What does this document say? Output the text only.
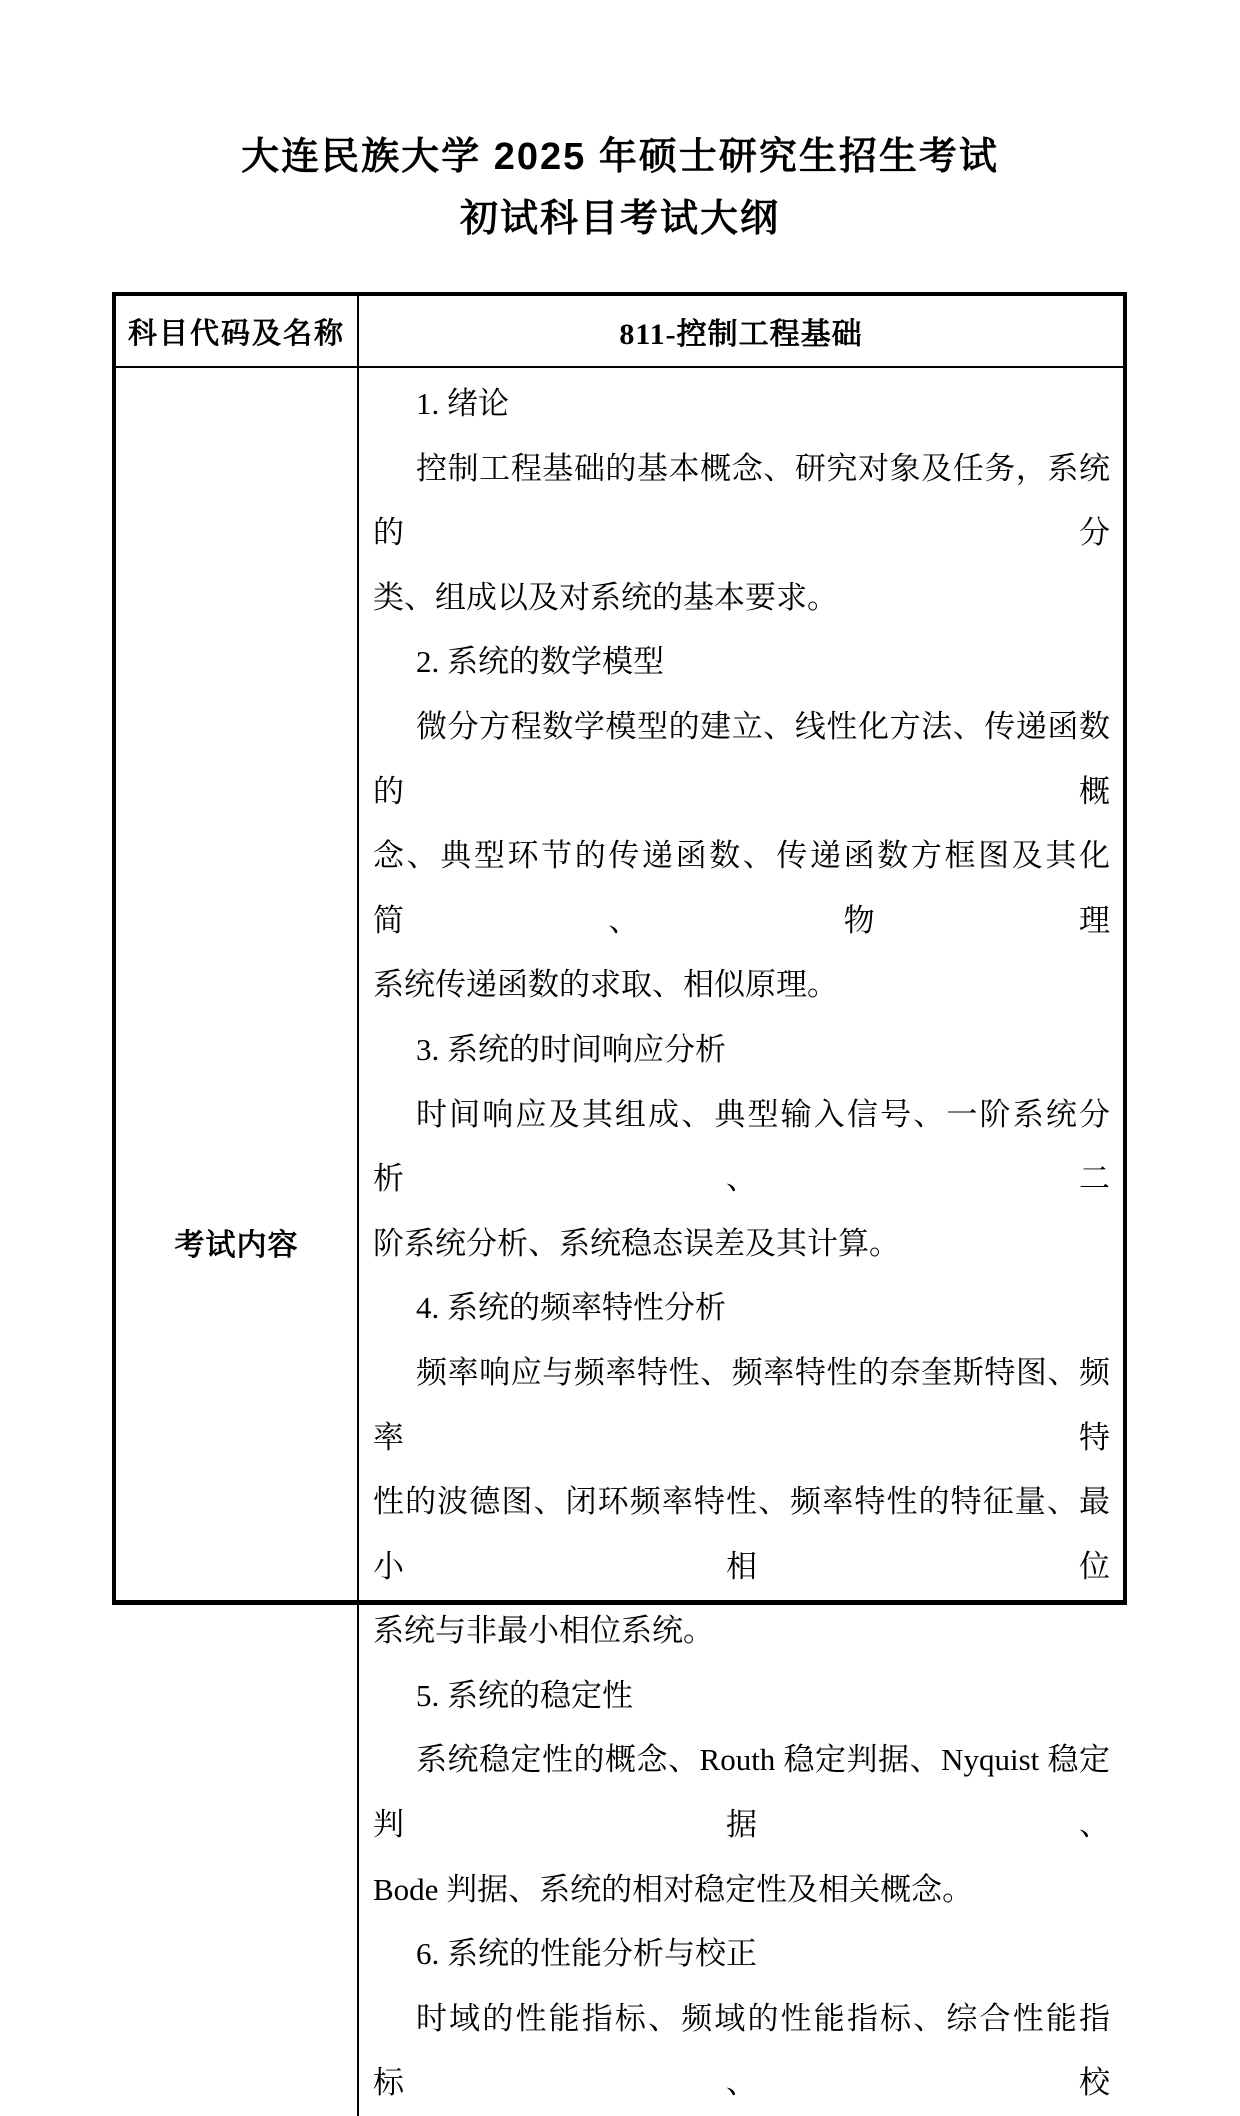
大连民族大学 2025 年硕士研究生招生考试
初试科目考试大纲
科目代码及名称	811-控制工程基础
考试内容
1. 绪论
控制工程基础的基本概念、研究对象及任务，系统的分
类、组成以及对系统的基本要求。
2. 系统的数学模型
微分方程数学模型的建立、线性化方法、传递函数的概
念、典型环节的传递函数、传递函数方框图及其化简、物理
系统传递函数的求取、相似原理。
3. 系统的时间响应分析
时间响应及其组成、典型输入信号、一阶系统分析、二
阶系统分析、系统稳态误差及其计算。
4. 系统的频率特性分析
频率响应与频率特性、频率特性的奈奎斯特图、频率特
性的波德图、闭环频率特性、频率特性的特征量、最小相位
系统与非最小相位系统。
5. 系统的稳定性
系统稳定性的概念、Routh 稳定判据、Nyquist 稳定判据、
Bode 判据、系统的相对稳定性及相关概念。
6. 系统的性能分析与校正
时域的性能指标、频域的性能指标、综合性能指标、校
